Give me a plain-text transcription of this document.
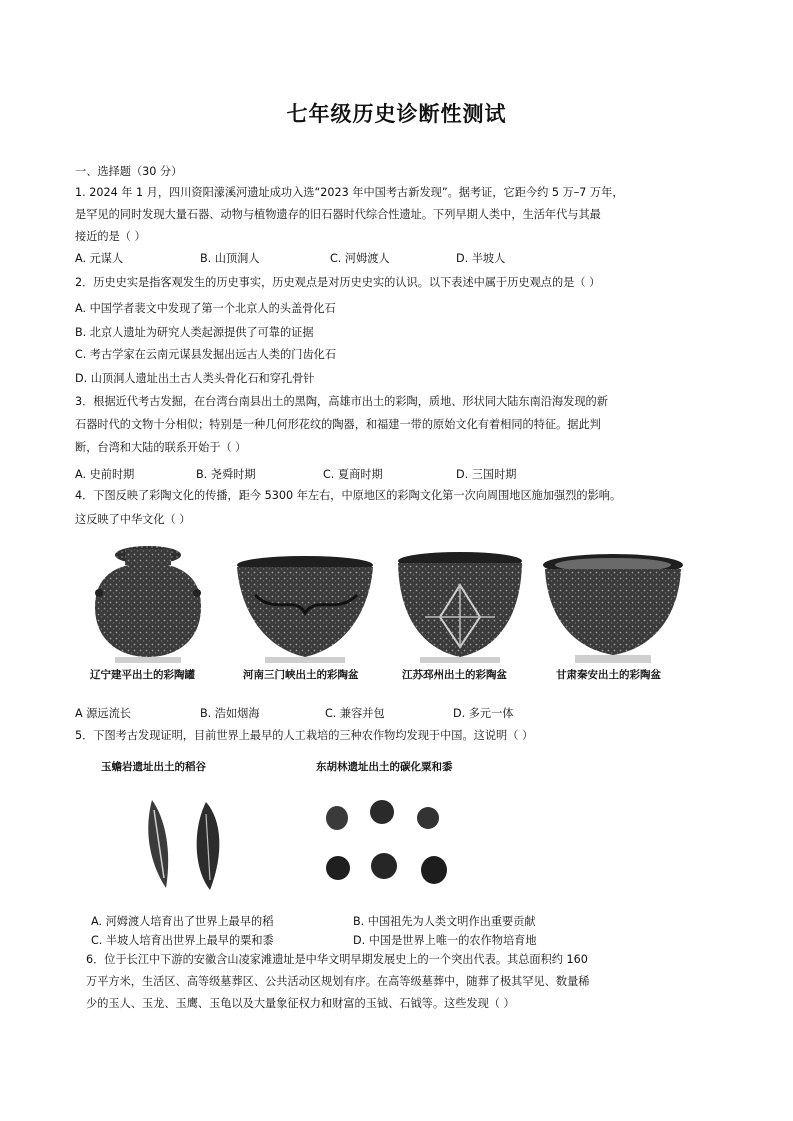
七年级历史诊断性测试
一、选择题（30 分）
1. 2024 年 1 月，四川资阳濛溪河遗址成功入选“2023 年中国考古新发现”。据考证，它距今约 5 万–7 万年，
是罕见的同时发现大量石器、动物与植物遗存的旧石器时代综合性遗址。下列早期人类中，生活年代与其最
接近的是（ ）
A. 元谋人	B. 山顶洞人	C. 河姆渡人	D. 半坡人
2．历史史实是指客观发生的历史事实，历史观点是对历史史实的认识。以下表述中属于历史观点的是（ ）
A. 中国学者裴文中发现了第一个北京人的头盖骨化石
B. 北京人遗址为研究人类起源提供了可靠的证据
C. 考古学家在云南元谋县发掘出远古人类的门齿化石
D. 山顶洞人遗址出土古人类头骨化石和穿孔骨针
3．根据近代考古发掘，在台湾台南县出土的黑陶，高雄市出土的彩陶，质地、形状同大陆东南沿海发现的新
石器时代的文物十分相似；特别是一种几何形花纹的陶器，和福建一带的原始文化有着相同的特征。据此判
断，台湾和大陆的联系开始于（ ）
A. 史前时期	B. 尧舜时期	C. 夏商时期	D. 三国时期
4．下图反映了彩陶文化的传播，距今 5300 年左右，中原地区的彩陶文化第一次向周围地区施加强烈的影响。
这反映了中华文化（ ）
辽宁建平出土的彩陶罐	河南三门峡出土的彩陶盆	江苏邳州出土的彩陶盆	甘肃秦安出土的彩陶盆
A 源远流长	B. 浩如烟海	C. 兼容并包	D. 多元一体
5．下图考古发现证明，目前世界上最早的人工栽培的三种农作物均发现于中国。这说明（ ）
玉蟾岩遗址出土的稻谷	东胡林遗址出土的碳化粟和黍
A. 河姆渡人培育出了世界上最早的稻	B. 中国祖先为人类文明作出重要贡献
C. 半坡人培育出世界上最早的粟和黍	D. 中国是世界上唯一的农作物培育地
6．位于长江中下游的安徽含山凌家滩遗址是中华文明早期发展史上的一个突出代表。其总面积约 160
万平方米，生活区、高等级墓葬区、公共活动区规划有序。在高等级墓葬中，随葬了极其罕见、数量稀
少的玉人、玉龙、玉鹰、玉龟以及大量象征权力和财富的玉钺、石钺等。这些发现（ ）
